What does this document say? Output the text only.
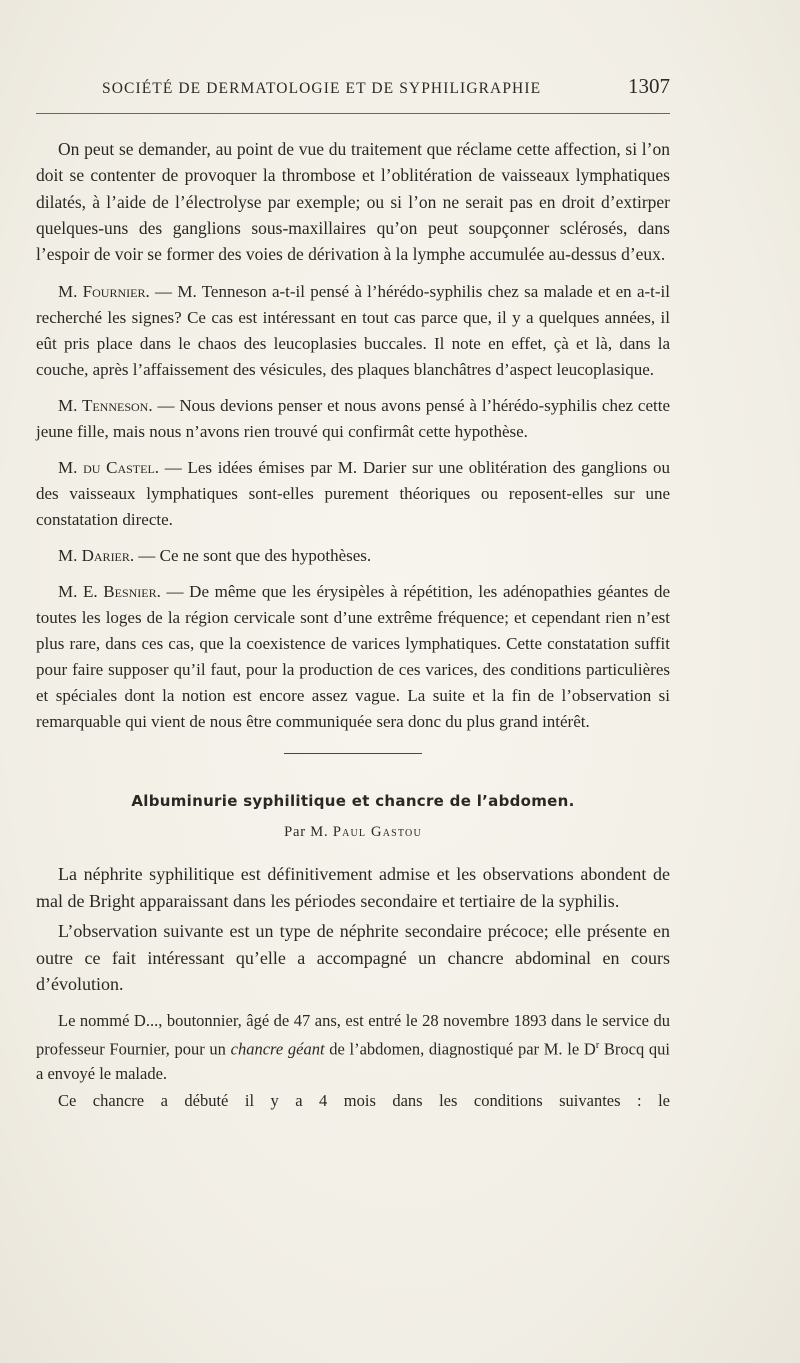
SOCIÉTÉ DE DERMATOLOGIE ET DE SYPHILIGRAPHIE	1307

On peut se demander, au point de vue du traitement que réclame cette affection, si l’on doit se contenter de provoquer la thrombose et l’oblitération de vaisseaux lymphatiques dilatés, à l’aide de l’électrolyse par exemple; ou si l’on ne serait pas en droit d’extirper quelques-uns des ganglions sous-maxillaires qu’on peut soupçonner sclérosés, dans l’espoir de voir se former des voies de dérivation à la lymphe accumulée au-dessus d’eux.

M. Fournier. — M. Tenneson a-t-il pensé à l’hérédo-syphilis chez sa malade et en a-t-il recherché les signes? Ce cas est intéressant en tout cas parce que, il y a quelques années, il eût pris place dans le chaos des leucoplasies buccales. Il note en effet, çà et là, dans la couche, après l’affaissement des vésicules, des plaques blanchâtres d’aspect leucoplasique.

M. Tenneson. — Nous devions penser et nous avons pensé à l’hérédo-syphilis chez cette jeune fille, mais nous n’avons rien trouvé qui confirmât cette hypothèse.

M. du Castel. — Les idées émises par M. Darier sur une oblitération des ganglions ou des vaisseaux lymphatiques sont-elles purement théoriques ou reposent-elles sur une constatation directe.

M. Darier. — Ce ne sont que des hypothèses.

M. E. Besnier. — De même que les érysipèles à répétition, les adénopathies géantes de toutes les loges de la région cervicale sont d’une extrême fréquence; et cependant rien n’est plus rare, dans ces cas, que la coexistence de varices lymphatiques. Cette constatation suffit pour faire supposer qu’il faut, pour la production de ces varices, des conditions particulières et spéciales dont la notion est encore assez vague. La suite et la fin de l’observation si remarquable qui vient de nous être communiquée sera donc du plus grand intérêt.

Albuminurie syphilitique et chancre de l’abdomen.
Par M. Paul Gastou

La néphrite syphilitique est définitivement admise et les observations abondent de mal de Bright apparaissant dans les périodes secondaire et tertiaire de la syphilis.

L’observation suivante est un type de néphrite secondaire précoce; elle présente en outre ce fait intéressant qu’elle a accompagné un chancre abdominal en cours d’évolution.

Le nommé D..., boutonnier, âgé de 47 ans, est entré le 28 novembre 1893 dans le service du professeur Fournier, pour un chancre géant de l’abdomen, diagnostiqué par M. le $D^r$ Brocq qui a envoyé le malade.

Ce chancre a débuté il y a 4 mois dans les conditions suivantes : le
